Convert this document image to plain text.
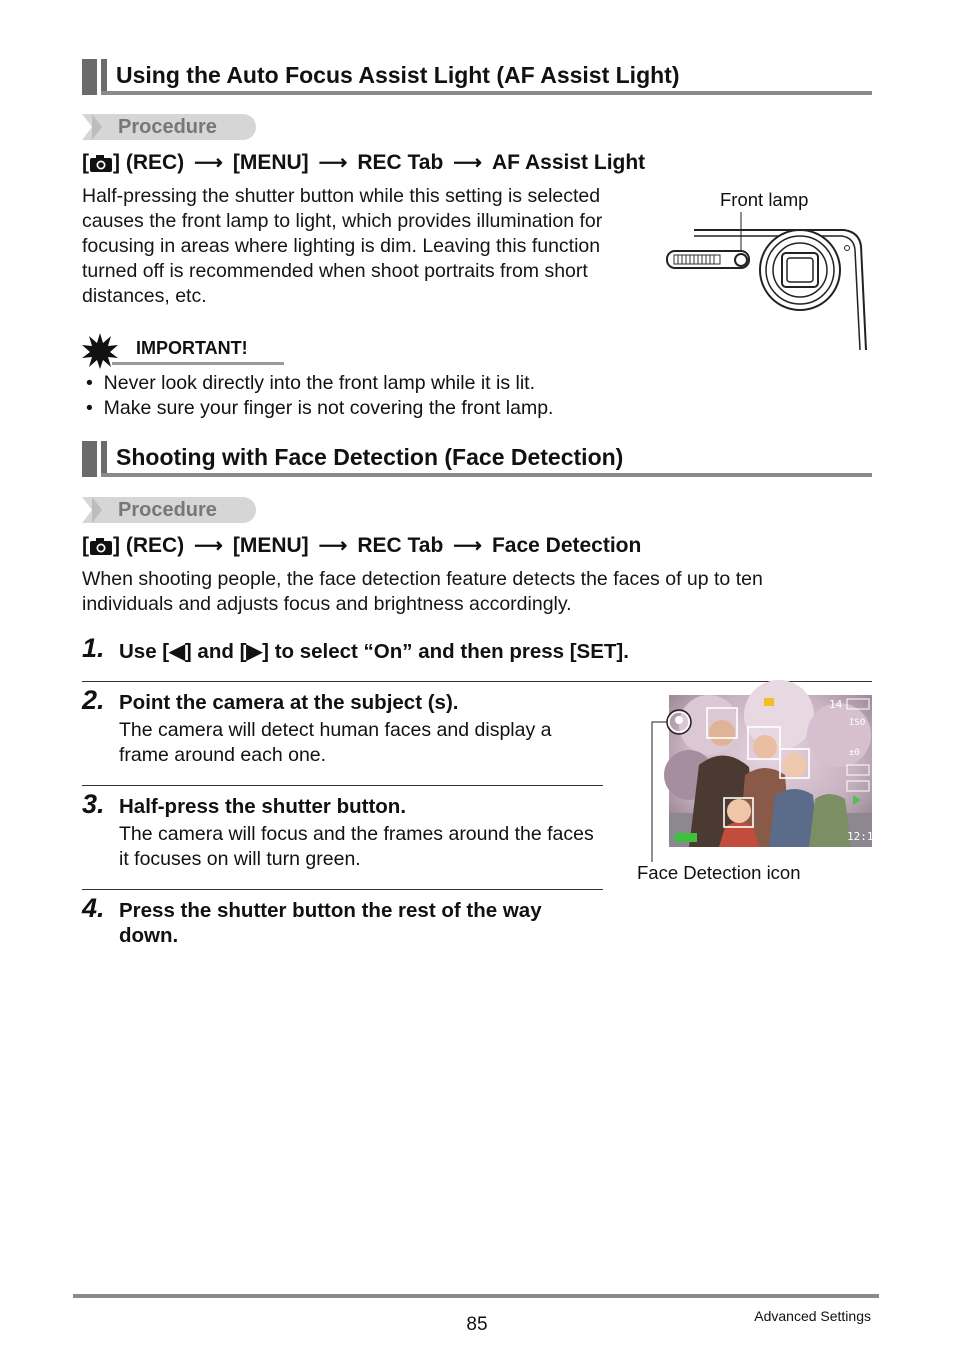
Using the Auto Focus Assist Light (AF Assist Light)
Procedure
[ ] (REC) ⟶ [MENU] ⟶ REC Tab ⟶ AF Assist Light
Half-pressing the shutter button while this setting is selected causes the front lamp to light, which provides illumination for focusing in areas where lighting is dim. Leaving this function turned off is recommended when shoot portraits from short distances, etc.
Front lamp
IMPORTANT!
•  Never look directly into the front lamp while it is lit.
•  Make sure your finger is not covering the front lamp.
Shooting with Face Detection (Face Detection)
Procedure
[ ] (REC) ⟶ [MENU] ⟶ REC Tab ⟶ Face Detection
When shooting people, the face detection feature detects the faces of up to ten individuals and adjusts focus and brightness accordingly.
1. Use [◀] and [▶] to select “On” and then press [SET].
2. Point the camera at the subject (s).
The camera will detect human faces and display a frame around each one.
3. Half-press the shutter button.
The camera will focus and the frames around the faces it focuses on will turn green.
4. Press the shutter button the rest of the way down.
14
ISO
12:10
±0
Face Detection icon
85	Advanced Settings
